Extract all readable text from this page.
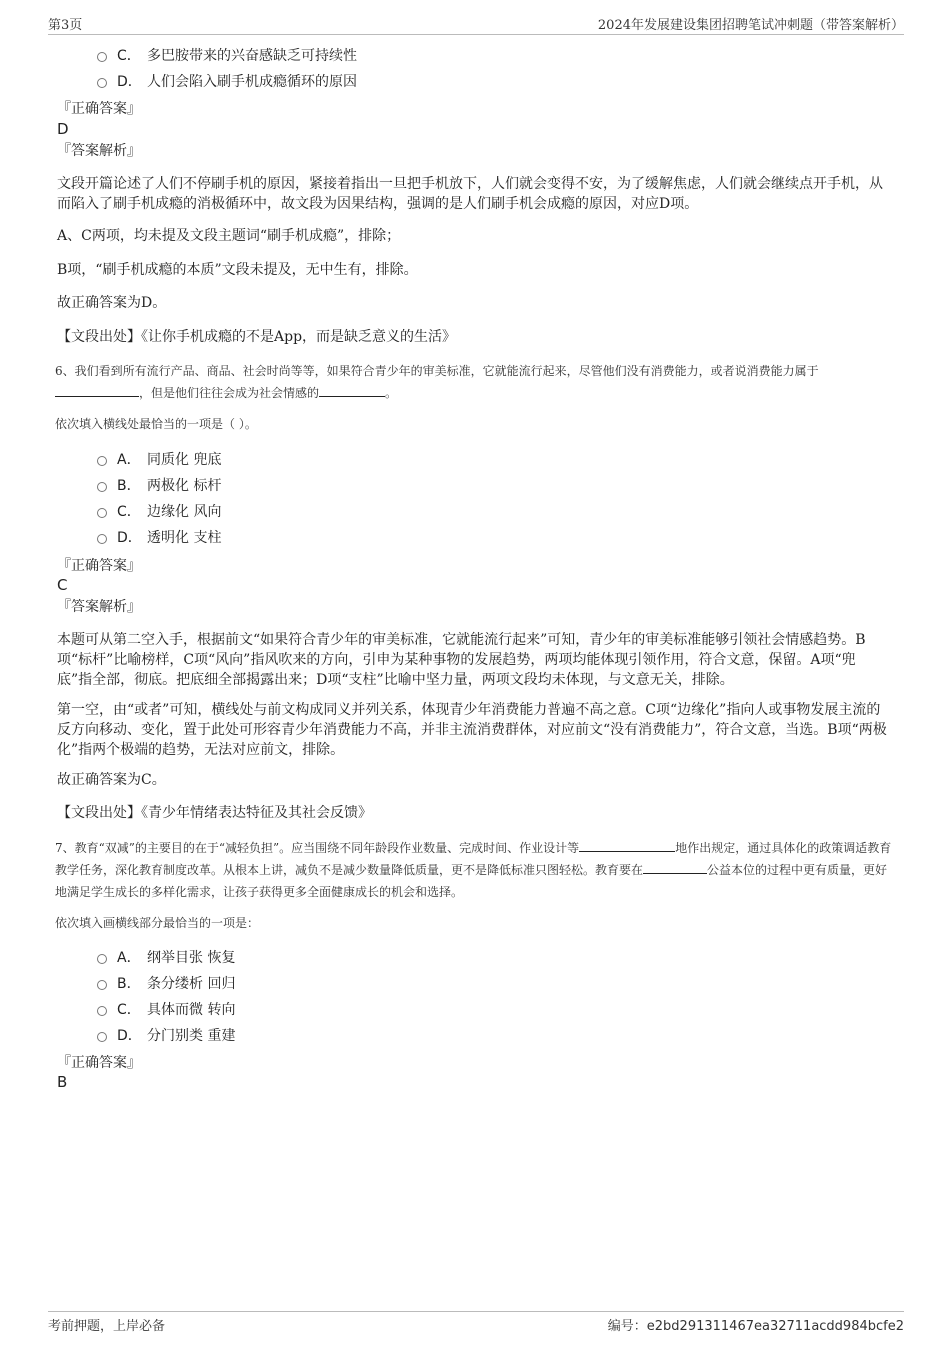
第3页	2024年发展建设集团招聘笔试冲刺题（带答案解析）
C． 多巴胺带来的兴奋感缺乏可持续性
D． 人们会陷入刷手机成瘾循环的原因
『正确答案』
D
『答案解析』
文段开篇论述了人们不停刷手机的原因，紧接着指出一旦把手机放下，人们就会变得不安，为了缓解焦虑，人们就会继续点开手机，从而陷入了刷手机成瘾的消极循环中，故文段为因果结构，强调的是人们刷手机会成瘾的原因，对应D项。
A、C两项，均未提及文段主题词“刷手机成瘾”，排除；
B项，“刷手机成瘾的本质”文段未提及，无中生有，排除。
故正确答案为D。
【文段出处】《让你手机成瘾的不是App，而是缺乏意义的生活》
6、我们看到所有流行产品、商品、社会时尚等等，如果符合青少年的审美标准，它就能流行起来，尽管他们没有消费能力，或者说消费能力属于，但是他们往往会成为社会情感的	。
依次填入横线处最恰当的一项是（ ）。
A． 同质化 兜底
B． 两极化 标杆
C． 边缘化 风向
D． 透明化 支柱
『正确答案』
C
『答案解析』
本题可从第二空入手，根据前文“如果符合青少年的审美标准，它就能流行起来”可知，青少年的审美标准能够引领社会情感趋势。B项“标杆”比喻榜样，C项“风向”指风吹来的方向，引申为某种事物的发展趋势，两项均能体现引领作用，符合文意，保留。A项“兜底”指全部，彻底。把底细全部揭露出来；D项“支柱”比喻中坚力量，两项文段均未体现，与文意无关，排除。
第一空，由“或者”可知，横线处与前文构成同义并列关系，体现青少年消费能力普遍不高之意。C项“边缘化”指向人或事物发展主流的反方向移动、变化，置于此处可形容青少年消费能力不高，并非主流消费群体，对应前文“没有消费能力”，符合文意，当选。B项“两极化”指两个极端的趋势，无法对应前文，排除。
故正确答案为C。
【文段出处】《青少年情绪表达特征及其社会反馈》
7、教育“双减”的主要目的在于“减轻负担”。应当围绕不同年龄段作业数量、完成时间、作业设计等	地作出规定，通过具体化的政策调适教育教学任务，深化教育制度改革。从根本上讲，减负不是减少数量降低质量，更不是降低标准只图轻松。教育要在	公益本位的过程中更有质量，更好地满足学生成长的多样化需求，让孩子获得更多全面健康成长的机会和选择。
依次填入画横线部分最恰当的一项是：
A． 纲举目张 恢复
B． 条分缕析 回归
C． 具体而微 转向
D． 分门别类 重建
『正确答案』
B
考前押题，上岸必备	编号：e2bd291311467ea32711acdd984bcfe2
